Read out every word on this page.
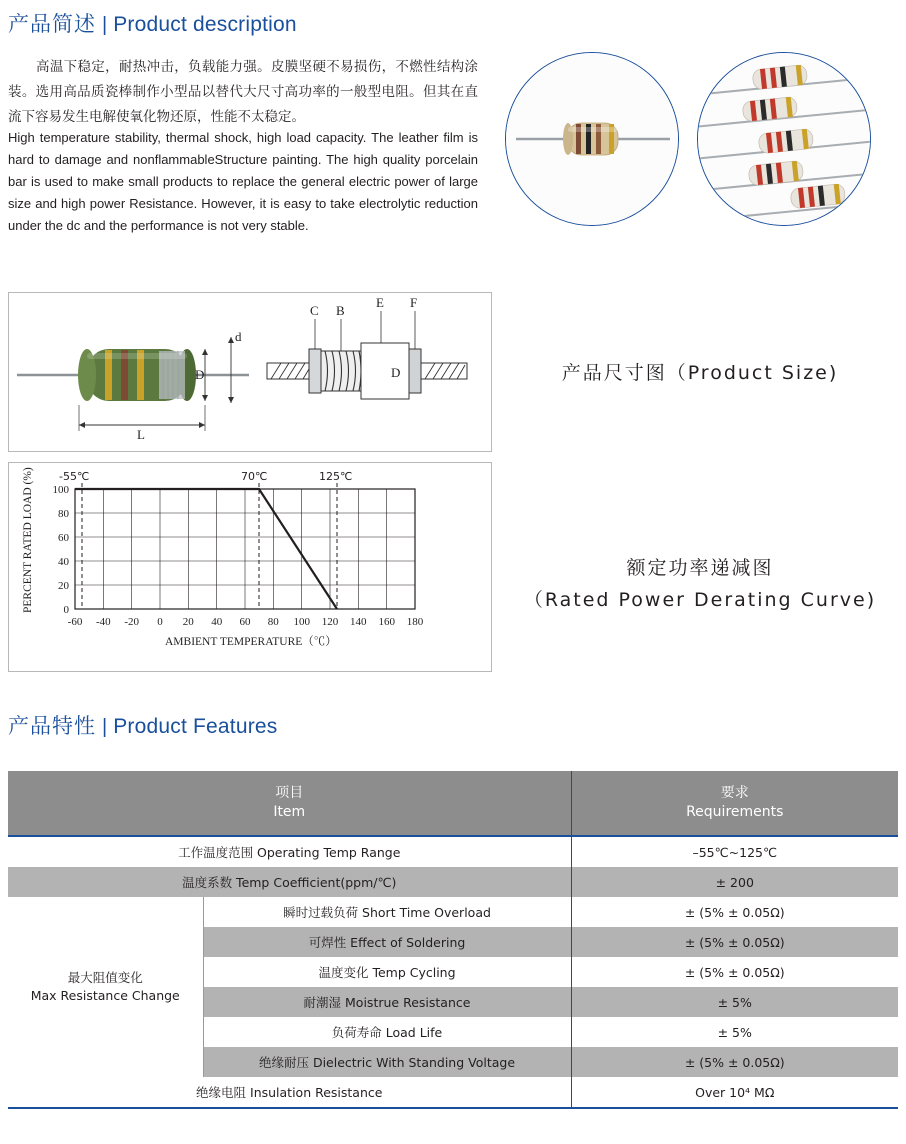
产品简述 | Product description
高温下稳定，耐热冲击，负载能力强。皮膜坚硬不易损伤，不燃性结构涂装。选用高品质瓷棒制作小型品以替代大尺寸高功率的一般型电阻。但其在直流下容易发生电解使氧化物还原，性能不太稳定。
High temperature stability, thermal shock, high load capacity. The leather film is hard to damage and nonflammableStructure painting. The high quality porcelain bar is used to make small products to replace the general electric power of large size and high power Resistance. However, it is easy to take electrolytic reduction under the dc and the performance is not very stable.
D
d
L
C B
E F
D
100
80
60
40
20
0
-60 -40 -20 0 20 40 60 80 100 120 140 160 180
-55℃	70℃	125℃
AMBIENT TEMPERATURE（℃）
PERCENT RATED LOAD (%)
产品尺寸图（Product Size)
额定功率递减图
（Rated Power Derating Curve)
产品特性 | Product Features
项目
Item

要求
Requirements

工作温度范围 Operating Temp Range		–55℃~125℃
温度系数 Temp Coefficient(ppm/℃)		± 200

最大阻值变化
Max Resistance Change	瞬时过载负荷 Short Time Overload	± (5% ± 0.05Ω)
	可焊性 Effect of Soldering	± (5% ± 0.05Ω)
	温度变化 Temp Cycling	± (5% ± 0.05Ω)
	耐潮湿 Moistrue Resistance	± 5%
	负荷寿命 Load Life	± 5%
	绝缘耐压 Dielectric With Standing Voltage	± (5% ± 0.05Ω)
绝缘电阻 Insulation Resistance		Over 10⁴ MΩ
